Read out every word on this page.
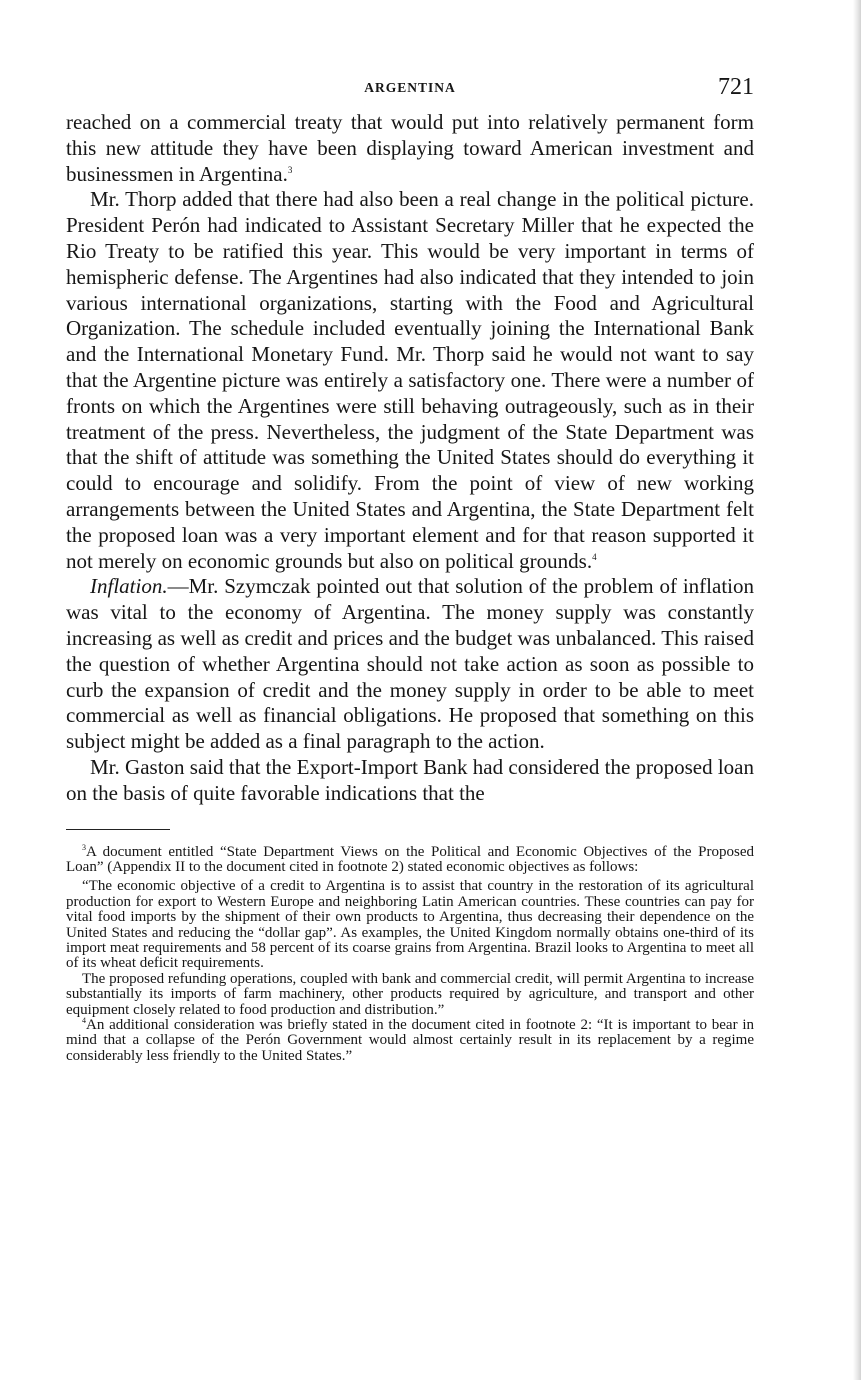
ARGENTINA	721

reached on a commercial treaty that would put into relatively permanent form this new attitude they have been displaying toward American investment and businessmen in Argentina.$^3$

Mr. Thorp added that there had also been a real change in the political picture. President Perón had indicated to Assistant Secretary Miller that he expected the Rio Treaty to be ratified this year. This would be very important in terms of hemispheric defense. The Argentines had also indicated that they intended to join various international organizations, starting with the Food and Agricultural Organization. The schedule included eventually joining the International Bank and the International Monetary Fund. Mr. Thorp said he would not want to say that the Argentine picture was entirely a satisfactory one. There were a number of fronts on which the Argentines were still behaving outrageously, such as in their treatment of the press. Nevertheless, the judgment of the State Department was that the shift of attitude was something the United States should do everything it could to encourage and solidify. From the point of view of new working arrangements between the United States and Argentina, the State Department felt the proposed loan was a very important element and for that reason supported it not merely on economic grounds but also on political grounds.$^4$

Inflation.—Mr. Szymczak pointed out that solution of the problem of inflation was vital to the economy of Argentina. The money supply was constantly increasing as well as credit and prices and the budget was unbalanced. This raised the question of whether Argentina should not take action as soon as possible to curb the expansion of credit and the money supply in order to be able to meet commercial as well as financial obligations. He proposed that something on this subject might be added as a final paragraph to the action.

Mr. Gaston said that the Export-Import Bank had considered the proposed loan on the basis of quite favorable indications that the

$^3$A document entitled “State Department Views on the Political and Economic Objectives of the Proposed Loan” (Appendix II to the document cited in footnote 2) stated economic objectives as follows:

“The economic objective of a credit to Argentina is to assist that country in the restoration of its agricultural production for export to Western Europe and neighboring Latin American countries. These countries can pay for vital food imports by the shipment of their own products to Argentina, thus decreasing their dependence on the United States and reducing the “dollar gap”. As examples, the United Kingdom normally obtains one-third of its import meat requirements and 58 percent of its coarse grains from Argentina. Brazil looks to Argentina to meet all of its wheat deficit requirements.

The proposed refunding operations, coupled with bank and commercial credit, will permit Argentina to increase substantially its imports of farm machinery, other products required by agriculture, and transport and other equipment closely related to food production and distribution.”

$^4$An additional consideration was briefly stated in the document cited in footnote 2: “It is important to bear in mind that a collapse of the Perón Government would almost certainly result in its replacement by a regime considerably less friendly to the United States.”
